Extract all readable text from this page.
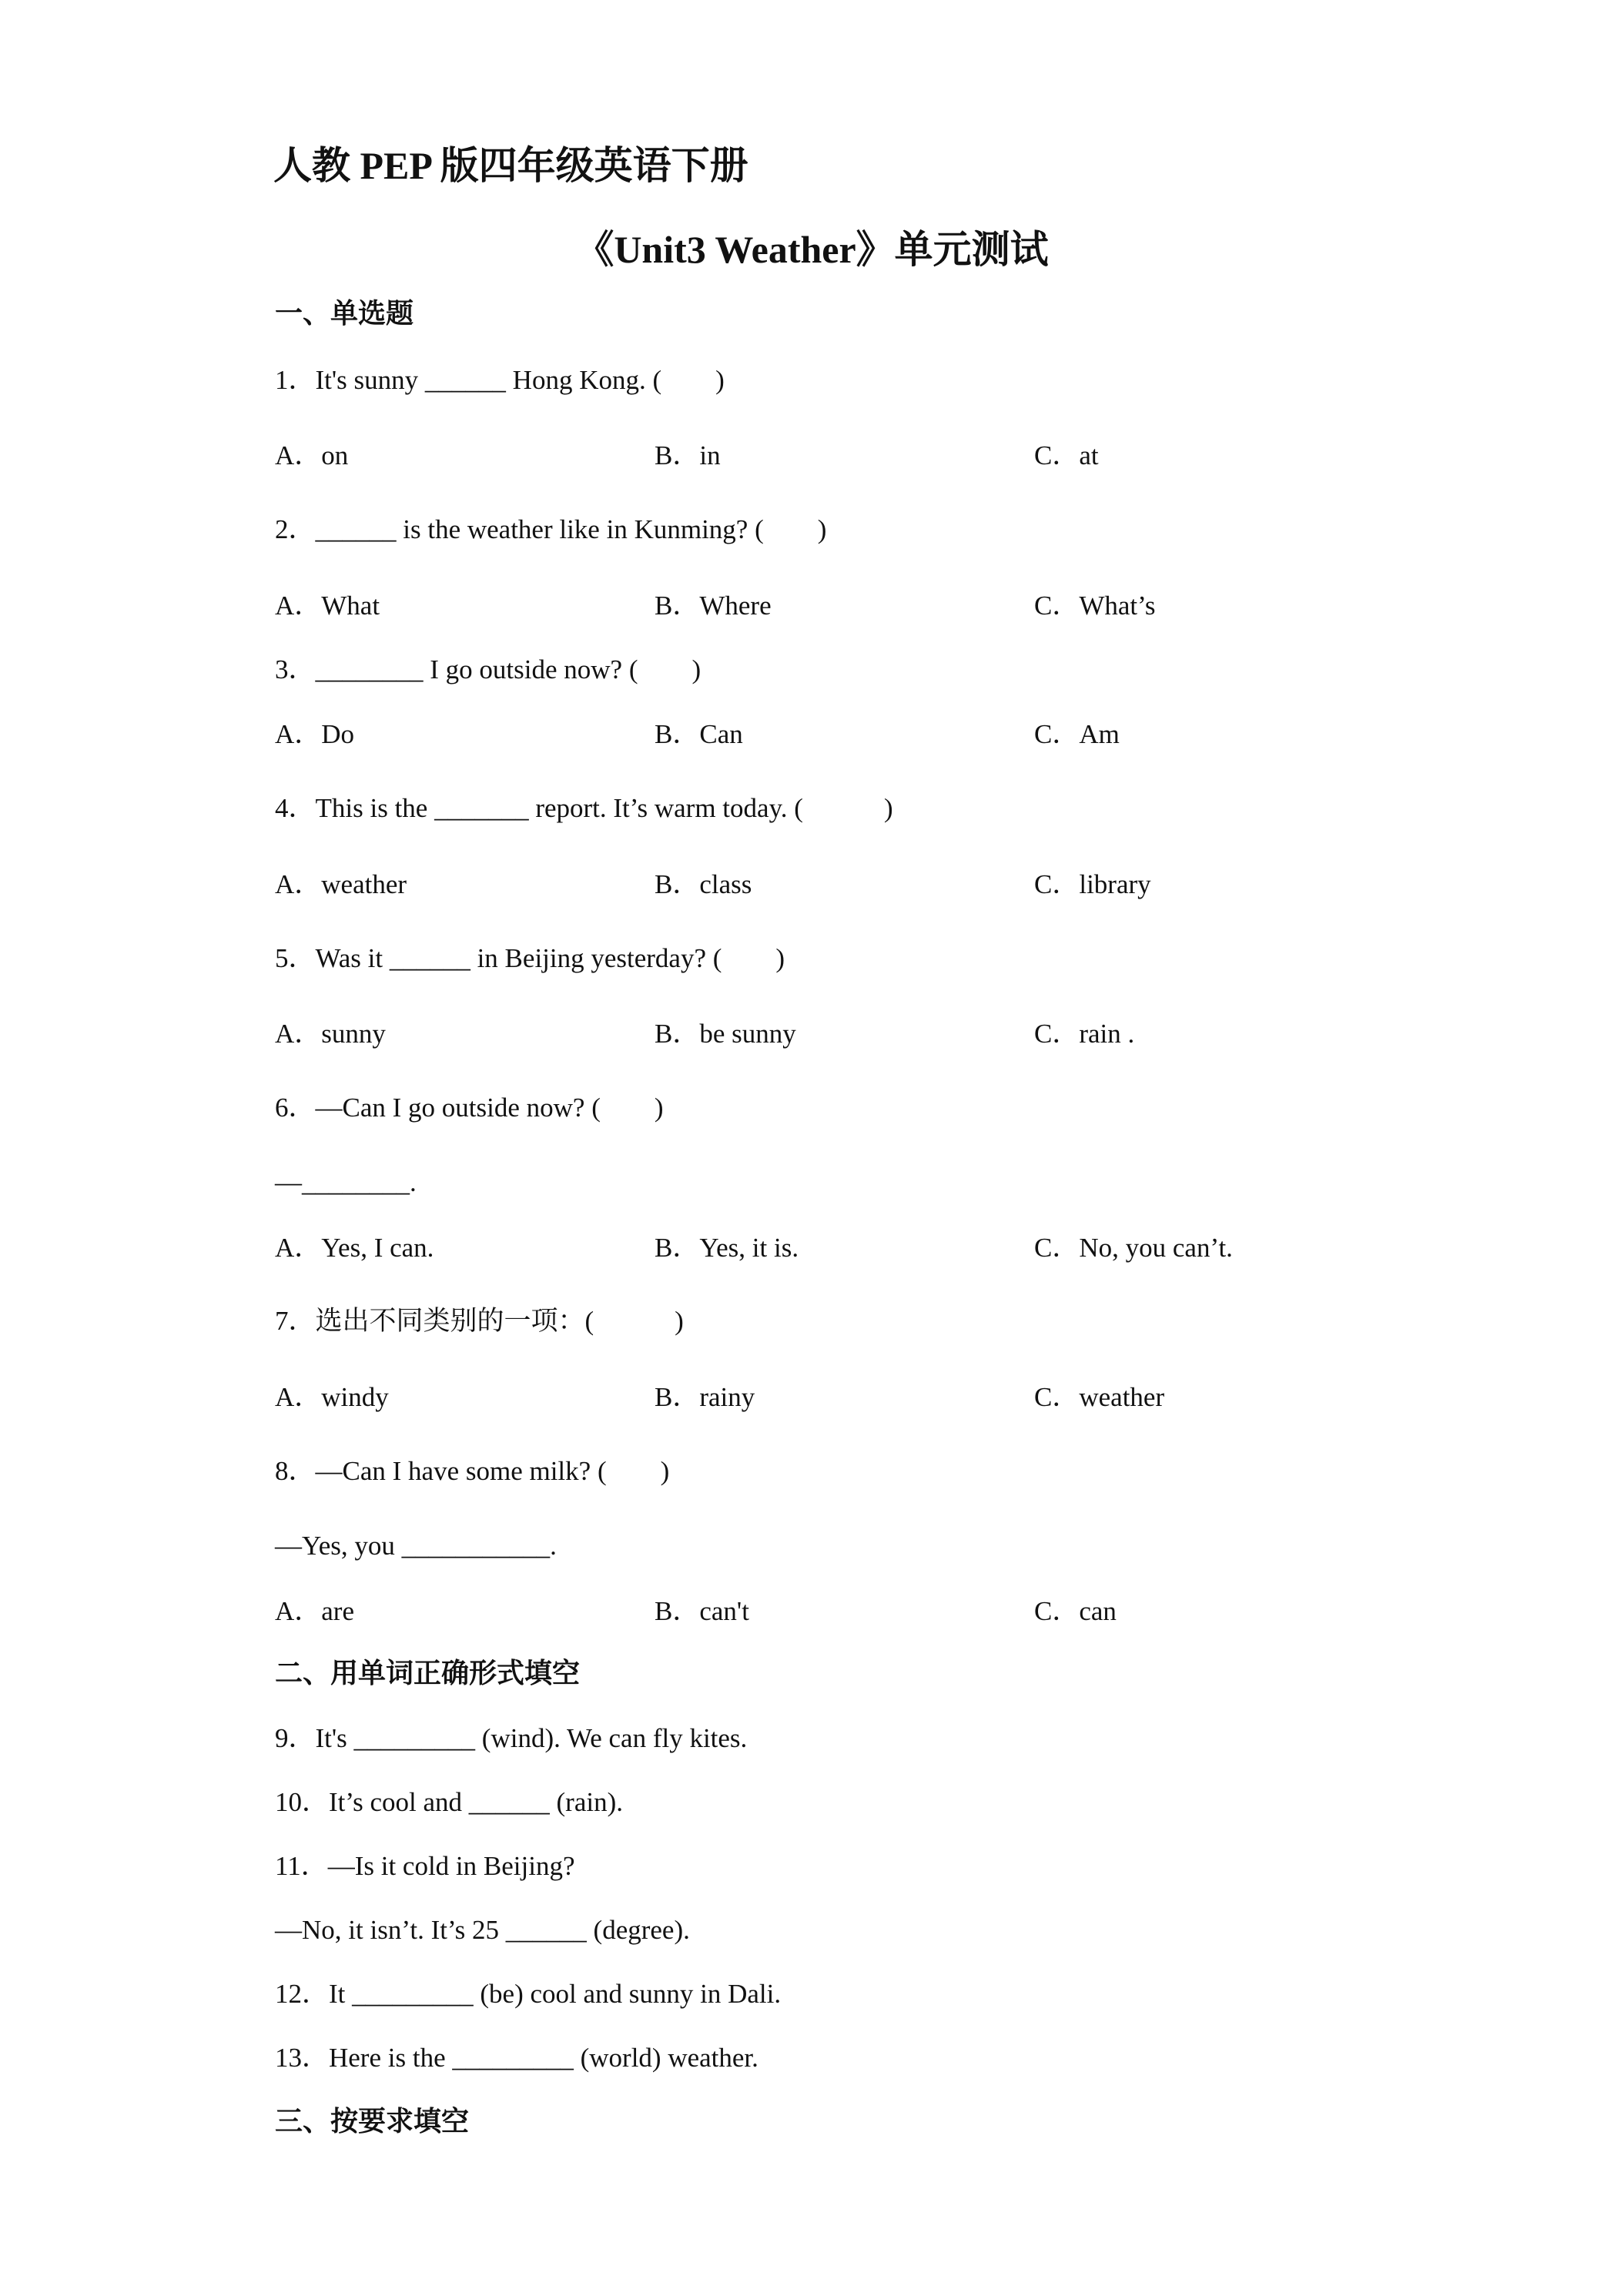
人教 PEP 版四年级英语下册
《Unit3 Weather》单元测试
一、单选题
1．It's sunny ______ Hong Kong. (　　)
A．on	B．in	C．at
2．______ is the weather like in Kunming? (　　)
A．What	B．Where	C．What’s
3．________ I go outside now? (　　)
A．Do	B．Can	C．Am
4．This is the _______ report. It’s warm today. (　　　)
A．weather	B．class	C．library
5．Was it ______ in Beijing yesterday? (　　)
A．sunny	B．be sunny	C．rain .
6．—Can I go outside now? (　　)
—________.
A．Yes, I can.	B．Yes, it is.	C．No, you can’t.
7．选出不同类别的一项：(　　　)
A．windy	B．rainy	C．weather
8．—Can I have some milk? (　　)
—Yes, you ___________.
A．are	B．can't	C．can
二、用单词正确形式填空
9．It's _________ (wind). We can fly kites.
10．It’s cool and ______ (rain).
11．—Is it cold in Beijing?
—No, it isn’t. It’s 25 ______ (degree).
12．It _________ (be) cool and sunny in Dali.
13．Here is the _________ (world) weather.
三、按要求填空
